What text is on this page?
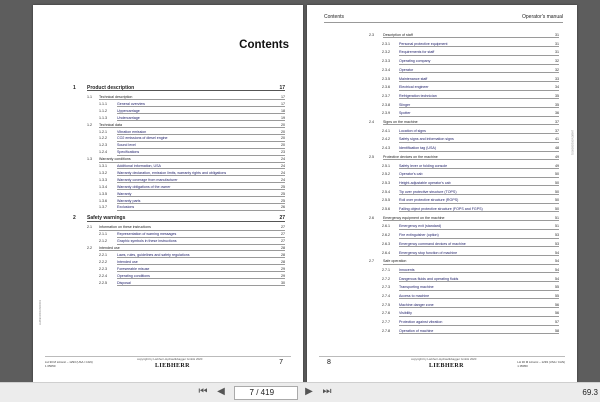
Contents
LHB/EN/001/3900001
1 Product description	17
1.1 Technical description	17
1.1.1	General overview	17
1.1.2	Uppercarriage	18
1.1.3	Undercarriage	19
1.2 Technical data	20
1.2.1	Vibration emission	20
1.2.2	CO2 emissions of diesel engine	20
1.2.3	Sound level	20
1.2.4	Specifications	23
1.3 Warranty conditions	24
1.3.1	Additional information, USA	24
1.3.2	Warranty declaration, emission limits, warranty rights and obligations	24
1.3.3	Warranty coverage from manufacturer	24
1.3.4	Warranty obligations of the owner	25
1.3.5	Warranty	25
1.3.6	Warranty parts	25
1.3.7	Exclusions	26
2 Safety warnings	27
2.1 Information on these instructions	27
2.1.1	Representation of warning messages	27
2.1.2	Graphic symbols in these instructions	27
2.2 Intended use	28
2.2.1	Laws, rules, guidelines and safety regulations	28
2.2.2	Intended use	28
2.2.3	Foreseeable misuse	29
2.2.4	Operating conditions	29
2.2.5	Disposal	30
LH 30 M Litronic – 1293 (USA / CAN)
1 05050
copyright by Liebherr-Hydraulikbagger GmbH 2020
LIEBHERR	7
Contents	Operator's manual
LHB/EN/001/3900001
2.3	Description of staff	31
2.3.1	Personal protective equipment	31
2.3.2	Requirements for staff	31
2.3.3	Operating company	32
2.3.4	Operator	32
2.3.5	Maintenance staff	33
2.3.6	Electrical engineer	34
2.3.7	Refrigeration technician	35
2.3.8	Slinger	35
2.3.9	Spotter	36
2.4	Signs on the machine	37
2.4.1	Location of signs	37
2.4.2	Safety signs and information signs	41
2.4.3	Identification tag (USA)	48
2.5	Protective devices on the machine	49
2.5.1	Safety lever or folding console	49
2.5.2	Operator's cab	50
2.5.3	Height-adjustable operator's cab	50
2.5.4	Tip over protective structure (TOPS)	50
2.5.5	Roll over protective structure (ROPS)	50
2.5.6	Falling object protective structure (FOPS and FGPS)	50
2.6	Emergency equipment on the machine	51
2.6.1	Emergency exit (standard)	51
2.6.2	Fire extinguisher (option)	53
2.6.3	Emergency command devices of machine	53
2.6.4	Emergency stop function of machine	54
2.7	Safe operation	54
2.7.1	Innocents	54
2.7.2	Dangerous fluids and operating fluids	54
2.7.3	Transporting machine	55
2.7.4	Access to machine	55
2.7.5	Machine danger zone	56
2.7.6	Visibility	56
2.7.7	Protection against vibration	57
2.7.8	Operation of machine	58
8	copyright by Liebherr-Hydraulikbagger GmbH 2020
LIEBHERR
LH 30 M Litronic – 1293 (USA / CAN)
1 05050
⏮ ◀
7	/ 419	▶ ⏭	69.3
